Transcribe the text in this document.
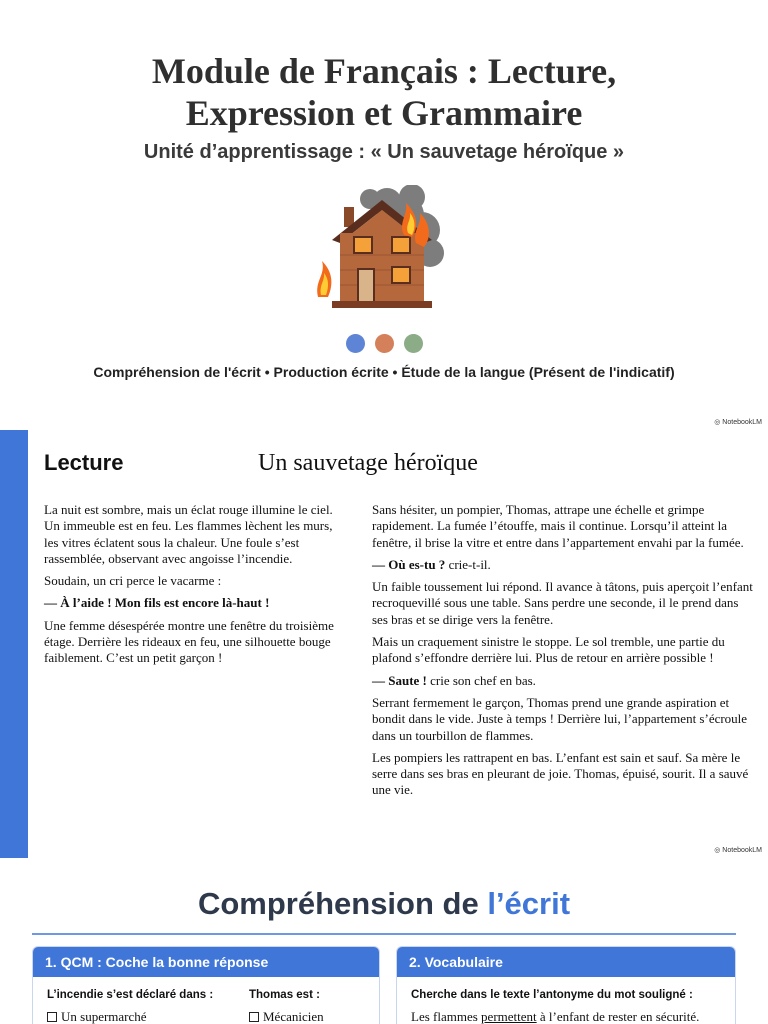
Module de Français : Lecture,
Expression et Grammaire
Unité d’apprentissage : « Un sauvetage héroïque »
Compréhension de l'écrit • Production écrite • Étude de la langue (Présent de l'indicatif)
◎ NotebookLM
Lecture	Un sauvetage héroïque

La nuit est sombre, mais un éclat rouge illumine le ciel. Un immeuble est en feu. Les flammes lèchent les murs, les vitres éclatent sous la chaleur. Une foule s’est rassemblée, observant avec angoisse l’incendie.

Soudain, un cri perce le vacarme :

— À l’aide ! Mon fils est encore là-haut !

Une femme désespérée montre une fenêtre du troisième étage. Derrière les rideaux en feu, une silhouette bouge faiblement. C’est un petit garçon !

Sans hésiter, un pompier, Thomas, attrape une échelle et grimpe rapidement. La fumée l’étouffe, mais il continue. Lorsqu’il atteint la fenêtre, il brise la vitre et entre dans l’appartement envahi par la fumée.

— Où es-tu ? crie-t-il.

Un faible toussement lui répond. Il avance à tâtons, puis aperçoit l’enfant recroquevillé sous une table. Sans perdre une seconde, il le prend dans ses bras et se dirige vers la fenêtre.

Mais un craquement sinistre le stoppe. Le sol tremble, une partie du plafond s’effondre derrière lui. Plus de retour en arrière possible !

— Saute ! crie son chef en bas.

Serrant fermement le garçon, Thomas prend une grande aspiration et bondit dans le vide. Juste à temps ! Derrière lui, l’appartement s’écroule dans un tourbillon de flammes.

Les pompiers les rattrapent en bas. L’enfant est sain et sauf. Sa mère le serre dans ses bras en pleurant de joie. Thomas, épuisé, sourit. Il a sauvé une vie.

◎ NotebookLM
Compréhension de l’écrit
1. QCM : Coche la bonne réponse
L’incendie s’est déclaré dans :
Un supermarché
Thomas est :
Mécanicien
2. Vocabulaire
Cherche dans le texte l’antonyme du mot souligné :
Les flammes permettent à l’enfant de rester en sécurité.
